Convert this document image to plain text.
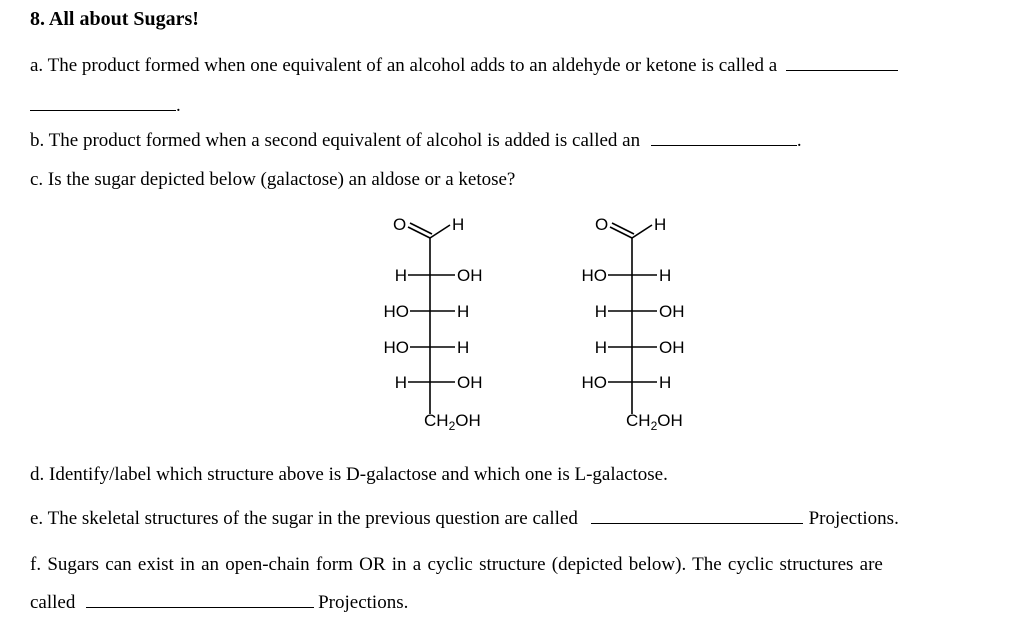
8. All about Sugars!
a. The product formed when one equivalent of an alcohol adds to an aldehyde or ketone is called a
.
b. The product formed when a second equivalent of alcohol is added is called an	.
c. Is the sugar depicted below (galactose) an aldose or a ketose?
O	H
H	OH
HO	H
HO	H
H	OH
$CH_2OH$
O	H
HO	H
H	OH
H	OH
HO	H
$CH_2OH$
d. Identify/label which structure above is D-galactose and which one is L-galactose.
e. The skeletal structures of the sugar in the previous question are called	Projections.
f. Sugars can exist in an open-chain form OR in a cyclic structure (depicted below). The cyclic structures are
called	Projections.
